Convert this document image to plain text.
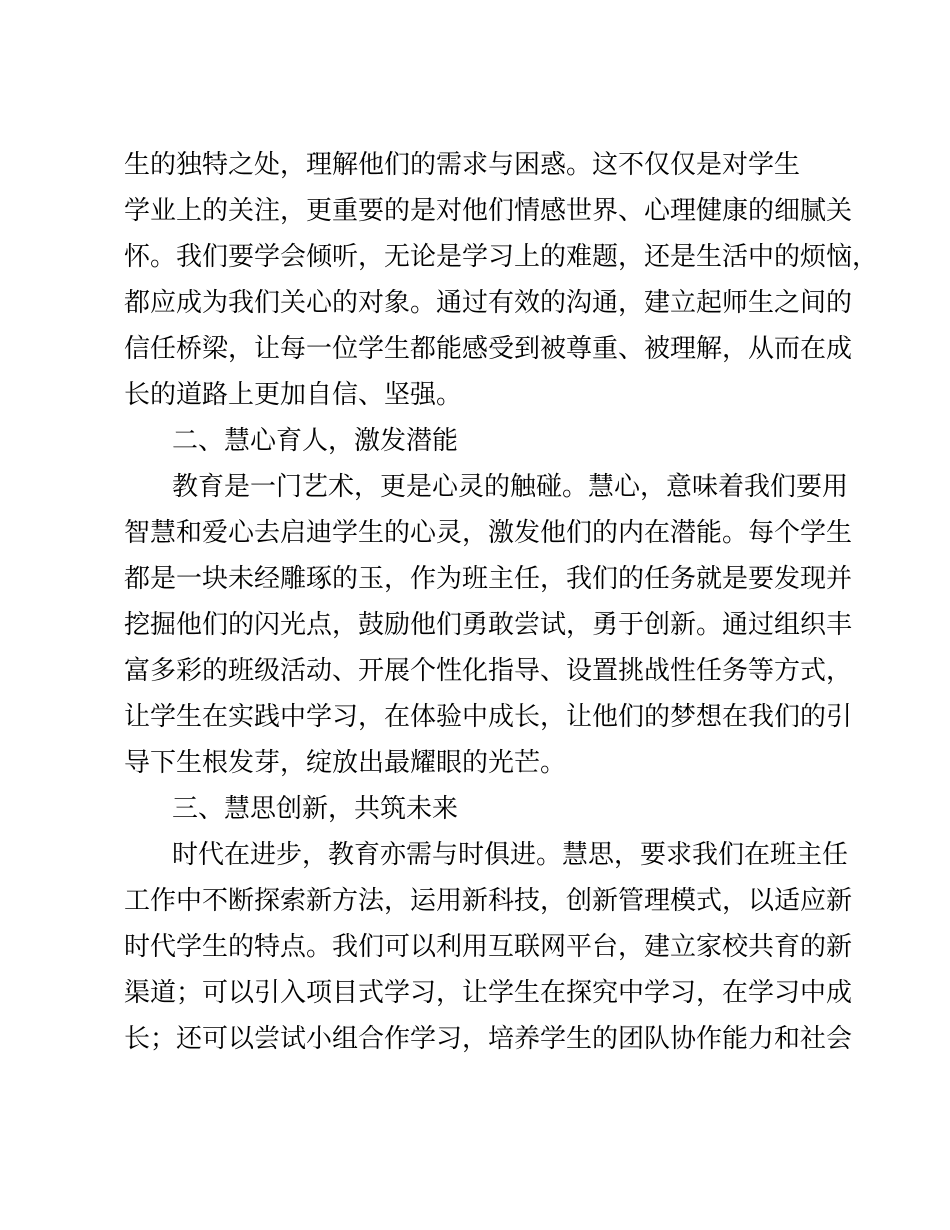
生的独特之处，理解他们的需求与困惑。这不仅仅是对学生
学业上的关注，更重要的是对他们情感世界、心理健康的细腻关
怀。我们要学会倾听，无论是学习上的难题，还是生活中的烦恼，
都应成为我们关心的对象。通过有效的沟通，建立起师生之间的
信任桥梁，让每一位学生都能感受到被尊重、被理解，从而在成
长的道路上更加自信、坚强。
二、慧心育人，激发潜能
教育是一门艺术，更是心灵的触碰。慧心，意味着我们要用
智慧和爱心去启迪学生的心灵，激发他们的内在潜能。每个学生
都是一块未经雕琢的玉，作为班主任，我们的任务就是要发现并
挖掘他们的闪光点，鼓励他们勇敢尝试，勇于创新。通过组织丰
富多彩的班级活动、开展个性化指导、设置挑战性任务等方式，
让学生在实践中学习，在体验中成长，让他们的梦想在我们的引
导下生根发芽，绽放出最耀眼的光芒。
三、慧思创新，共筑未来
时代在进步，教育亦需与时俱进。慧思，要求我们在班主任
工作中不断探索新方法，运用新科技，创新管理模式，以适应新
时代学生的特点。我们可以利用互联网平台，建立家校共育的新
渠道；可以引入项目式学习，让学生在探究中学习，在学习中成
长；还可以尝试小组合作学习，培养学生的团队协作能力和社会
